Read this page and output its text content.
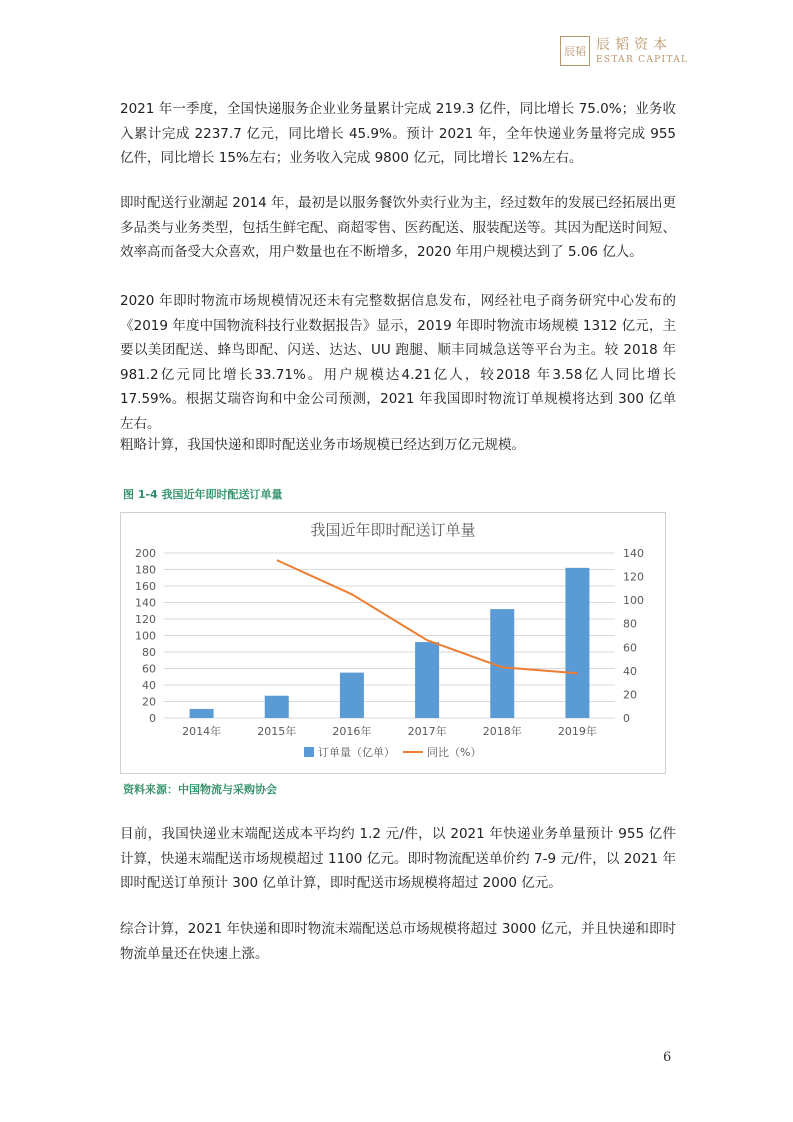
辰韬 辰韬资本
ESTAR CAPITAL

2021 年一季度，全国快递服务企业业务量累计完成 219.3 亿件，同比增长 75.0%；业务收入累计完成 2237.7 亿元，同比增长 45.9%。预计 2021 年，全年快递业务量将完成 955 亿件，同比增长 15%左右；业务收入完成 9800 亿元，同比增长 12%左右。

即时配送行业潮起 2014 年，最初是以服务餐饮外卖行业为主，经过数年的发展已经拓展出更多品类与业务类型，包括生鲜宅配、商超零售、医药配送、服装配送等。其因为配送时间短、效率高而备受大众喜欢，用户数量也在不断增多，2020 年用户规模达到了 5.06 亿人。

2020 年即时物流市场规模情况还未有完整数据信息发布，网经社电子商务研究中心发布的《2019 年度中国物流科技行业数据报告》显示，2019 年即时物流市场规模 1312 亿元，主要以美团配送、蜂鸟即配、闪送、达达、UU 跑腿、顺丰同城急送等平台为主。较 2018 年 981.2亿元同比增长33.71%。用户规模达4.21亿人，较2018 年3.58亿人同比增长17.59%。根据艾瑞咨询和中金公司预测，2021 年我国即时物流订单规模将达到 300 亿单左右。

粗略计算，我国快递和即时配送业务市场规模已经达到万亿元规模。

图 1-4 我国近年即时配送订单量
我国近年即时配送订单量
0
20
40
60
80
100
120
140
160
180
200
0
20
40
60
80
100
120
140
2014年	2015年	2016年	2017年	2018年	2019年
订单量（亿单）	同比（%）
资料来源：中国物流与采购协会

目前，我国快递业末端配送成本平均约 1.2 元/件，以 2021 年快递业务单量预计 955 亿件计算，快递末端配送市场规模超过 1100 亿元。即时物流配送单价约 7-9 元/件，以 2021 年即时配送订单预计 300 亿单计算，即时配送市场规模将超过 2000 亿元。

综合计算，2021 年快递和即时物流末端配送总市场规模将超过 3000 亿元，并且快递和即时物流单量还在快速上涨。

6
